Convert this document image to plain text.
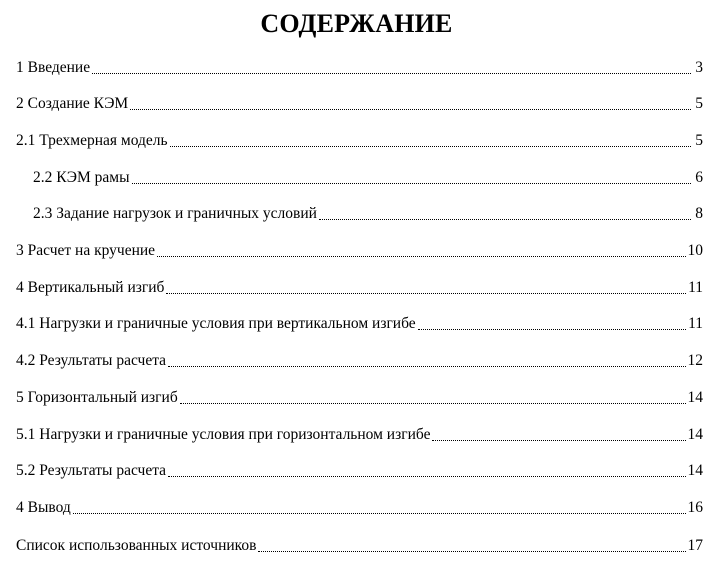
СОДЕРЖАНИЕ
1 Введение	3
2 Создание КЭМ	5
2.1 Трехмерная модель	5
2.2 КЭМ рамы	6
2.3 Задание нагрузок и граничных условий	8
3 Расчет на кручение	10
4 Вертикальный изгиб	11
4.1 Нагрузки и граничные условия при вертикальном изгибе	11
4.2 Результаты расчета	12
5 Горизонтальный изгиб	14
5.1 Нагрузки и граничные условия при горизонтальном изгибе	14
5.2 Результаты расчета	14
4 Вывод	16
Список использованных источников	17
